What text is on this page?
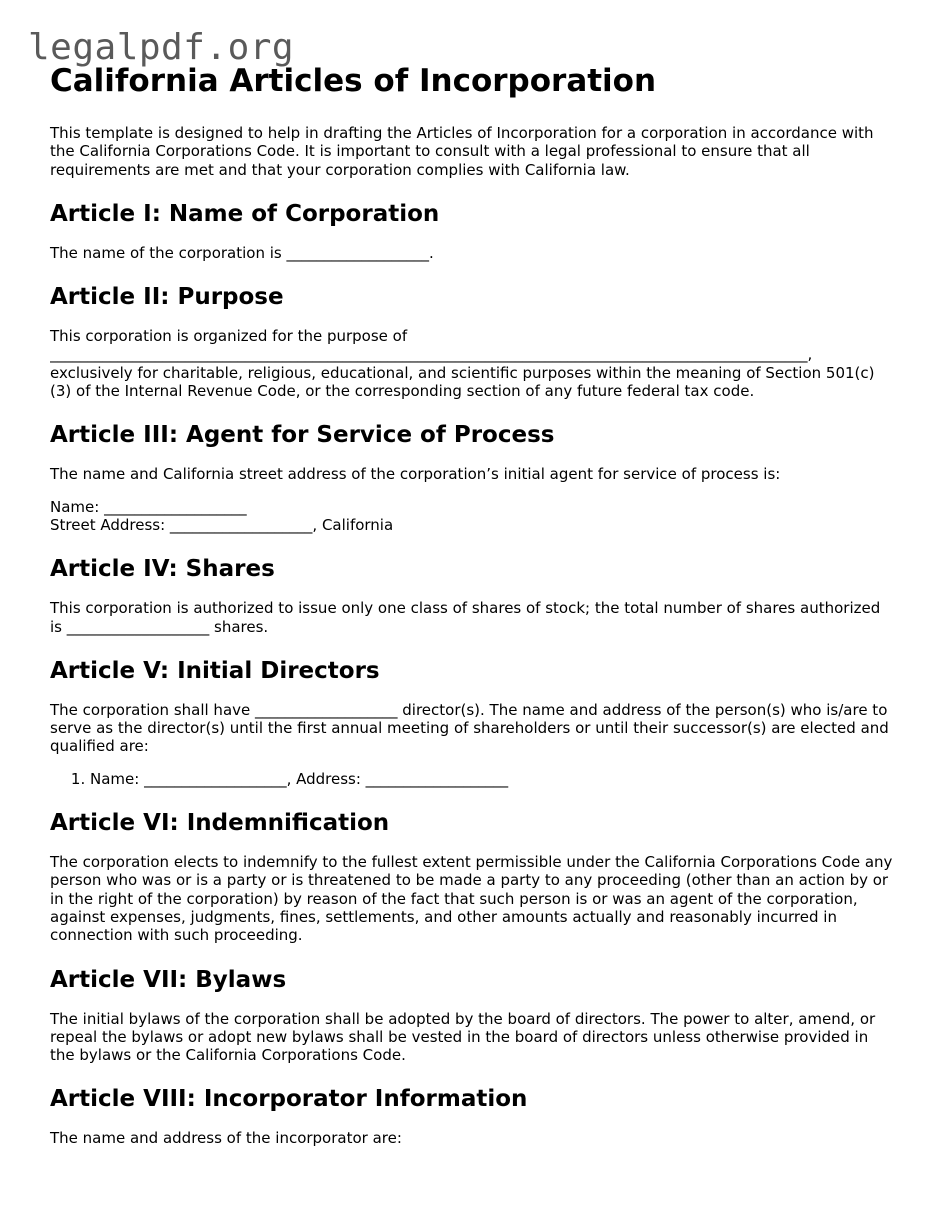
legalpdf.org
California Articles of Incorporation

This template is designed to help in drafting the Articles of Incorporation for a corporation in accordance with the California Corporations Code. It is important to consult with a legal professional to ensure that all requirements are met and that your corporation complies with California law.

Article I: Name of Corporation

The name of the corporation is ___________________.

Article II: Purpose

This corporation is organized for the purpose of
_____________________________________________________________________________________________________,
exclusively for charitable, religious, educational, and scientific purposes within the meaning of Section 501(c)(3) of the Internal Revenue Code, or the corresponding section of any future federal tax code.

Article III: Agent for Service of Process

The name and California street address of the corporation’s initial agent for service of process is:

Name: ___________________

Street Address: ___________________, California

Article IV: Shares

This corporation is authorized to issue only one class of shares of stock; the total number of shares authorized is ___________________ shares.

Article V: Initial Directors

The corporation shall have ___________________ director(s). The name and address of the person(s) who is/are to serve as the director(s) until the first annual meeting of shareholders or until their successor(s) are elected and qualified are:

1. Name: ___________________, Address: ___________________
Article VI: Indemnification

The corporation elects to indemnify to the fullest extent permissible under the California Corporations Code any person who was or is a party or is threatened to be made a party to any proceeding (other than an action by or in the right of the corporation) by reason of the fact that such person is or was an agent of the corporation, against expenses, judgments, fines, settlements, and other amounts actually and reasonably incurred in connection with such proceeding.

Article VII: Bylaws

The initial bylaws of the corporation shall be adopted by the board of directors. The power to alter, amend, or repeal the bylaws or adopt new bylaws shall be vested in the board of directors unless otherwise provided in the bylaws or the California Corporations Code.

Article VIII: Incorporator Information

The name and address of the incorporator are:
